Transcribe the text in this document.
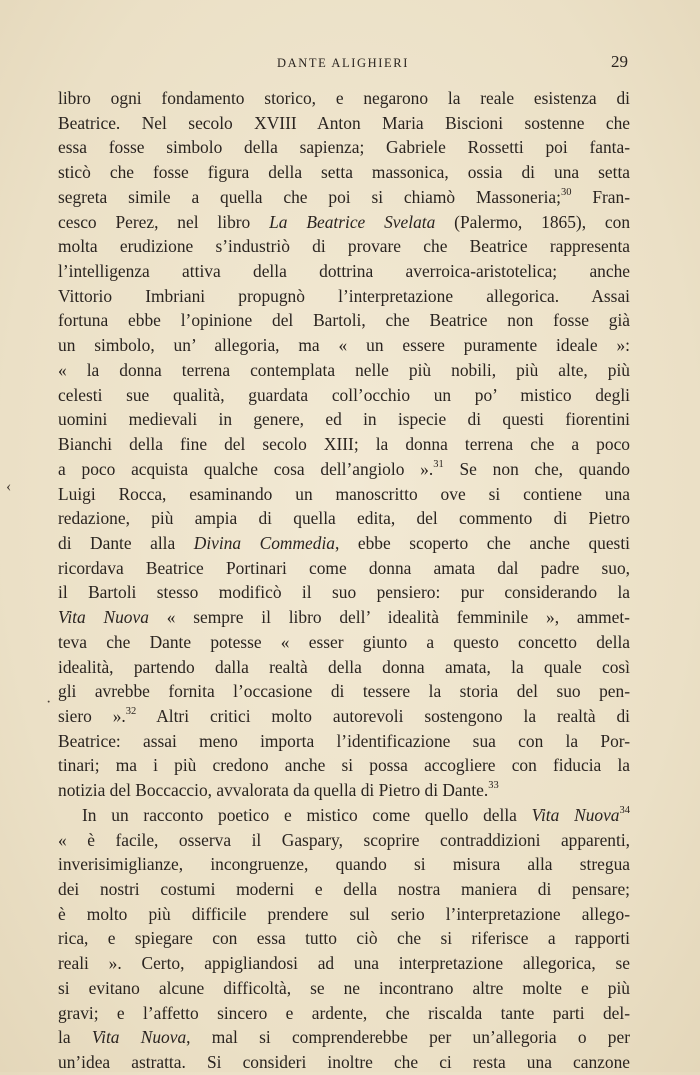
DANTE ALIGHIERI	29
libro ogni fondamento storico, e negarono la reale esistenza di
Beatrice. Nel secolo XVIII Anton Maria Biscioni sostenne che
essa fosse simbolo della sapienza; Gabriele Rossetti poi fanta-
sticò che fosse figura della setta massonica, ossia di una setta
segreta simile a quella che poi si chiamò Massoneria;$^{30}$ Fran-
cesco Perez, nel libro La Beatrice Svelata (Palermo, 1865), con
molta erudizione s’industriò di provare che Beatrice rappresenta
l’intelligenza attiva della dottrina averroica-aristotelica; anche
Vittorio Imbriani propugnò l’interpretazione allegorica. Assai
fortuna ebbe l’opinione del Bartoli, che Beatrice non fosse già
un simbolo, un’ allegoria, ma « un essere puramente ideale »:
« la donna terrena contemplata nelle più nobili, più alte, più
celesti sue qualità, guardata coll’occhio un po’ mistico degli
uomini medievali in genere, ed in ispecie di questi fiorentini
Bianchi della fine del secolo XIII; la donna terrena che a poco
a poco acquista qualche cosa dell’angiolo ».$^{31}$ Se non che, quando
Luigi Rocca, esaminando un manoscritto ove si contiene una
redazione, più ampia di quella edita, del commento di Pietro
di Dante alla Divina Commedia, ebbe scoperto che anche questi
ricordava Beatrice Portinari come donna amata dal padre suo,
il Bartoli stesso modificò il suo pensiero: pur considerando la
Vita Nuova « sempre il libro dell’ idealità femminile », ammet-
teva che Dante potesse « esser giunto a questo concetto della
idealità, partendo dalla realtà della donna amata, la quale così
gli avrebbe fornita l’occasione di tessere la storia del suo pen-
siero ».$^{32}$ Altri critici molto autorevoli sostengono la realtà di
Beatrice: assai meno importa l’identificazione sua con la Por-
tinari; ma i più credono anche si possa accogliere con fiducia la
notizia del Boccaccio, avvalorata da quella di Pietro di Dante.$^{33}$
In un racconto poetico e mistico come quello della Vita Nuova$^{34}$
« è facile, osserva il Gaspary, scoprire contraddizioni apparenti,
inverisimiglianze, incongruenze, quando si misura alla stregua
dei nostri costumi moderni e della nostra maniera di pensare;
è molto più difficile prendere sul serio l’interpretazione allego-
rica, e spiegare con essa tutto ciò che si riferisce a rapporti
reali ». Certo, appigliandosi ad una interpretazione allegorica, se
si evitano alcune difficoltà, se ne incontrano altre molte e più
gravi; e l’affetto sincero e ardente, che riscalda tante parti del-
la Vita Nuova, mal si comprenderebbe per un’allegoria o per
un’idea astratta. Si consideri inoltre che ci resta una canzone
‹
·
